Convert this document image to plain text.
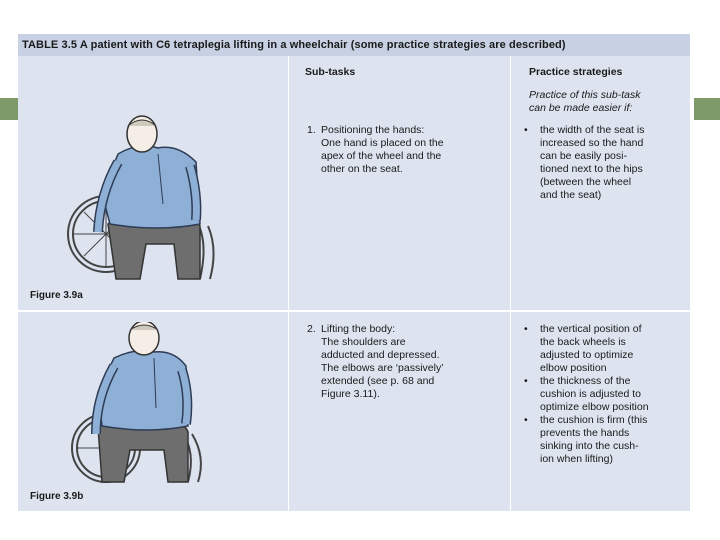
TABLE 3.5 A patient with C6 tetraplegia lifting in a wheelchair (some practice strategies are described)
Sub-tasks	Practice strategies
Practice of this sub-task
can be made easier if:
Figure 3.9a
1. Positioning the hands:
One hand is placed on the
apex of the wheel and the
other on the seat.
• the width of the seat is
increased so the hand
can be easily posi-
tioned next to the hips
(between the wheel
and the seat)
Figure 3.9b
2. Lifting the body:
The shoulders are
adducted and depressed.
The elbows are ‘passively’
extended (see p. 68 and
Figure 3.11).
• the vertical position of
the back wheels is
adjusted to optimize
elbow position
• the thickness of the
cushion is adjusted to
optimize elbow position
• the cushion is firm (this
prevents the hands
sinking into the cush-
ion when lifting)
